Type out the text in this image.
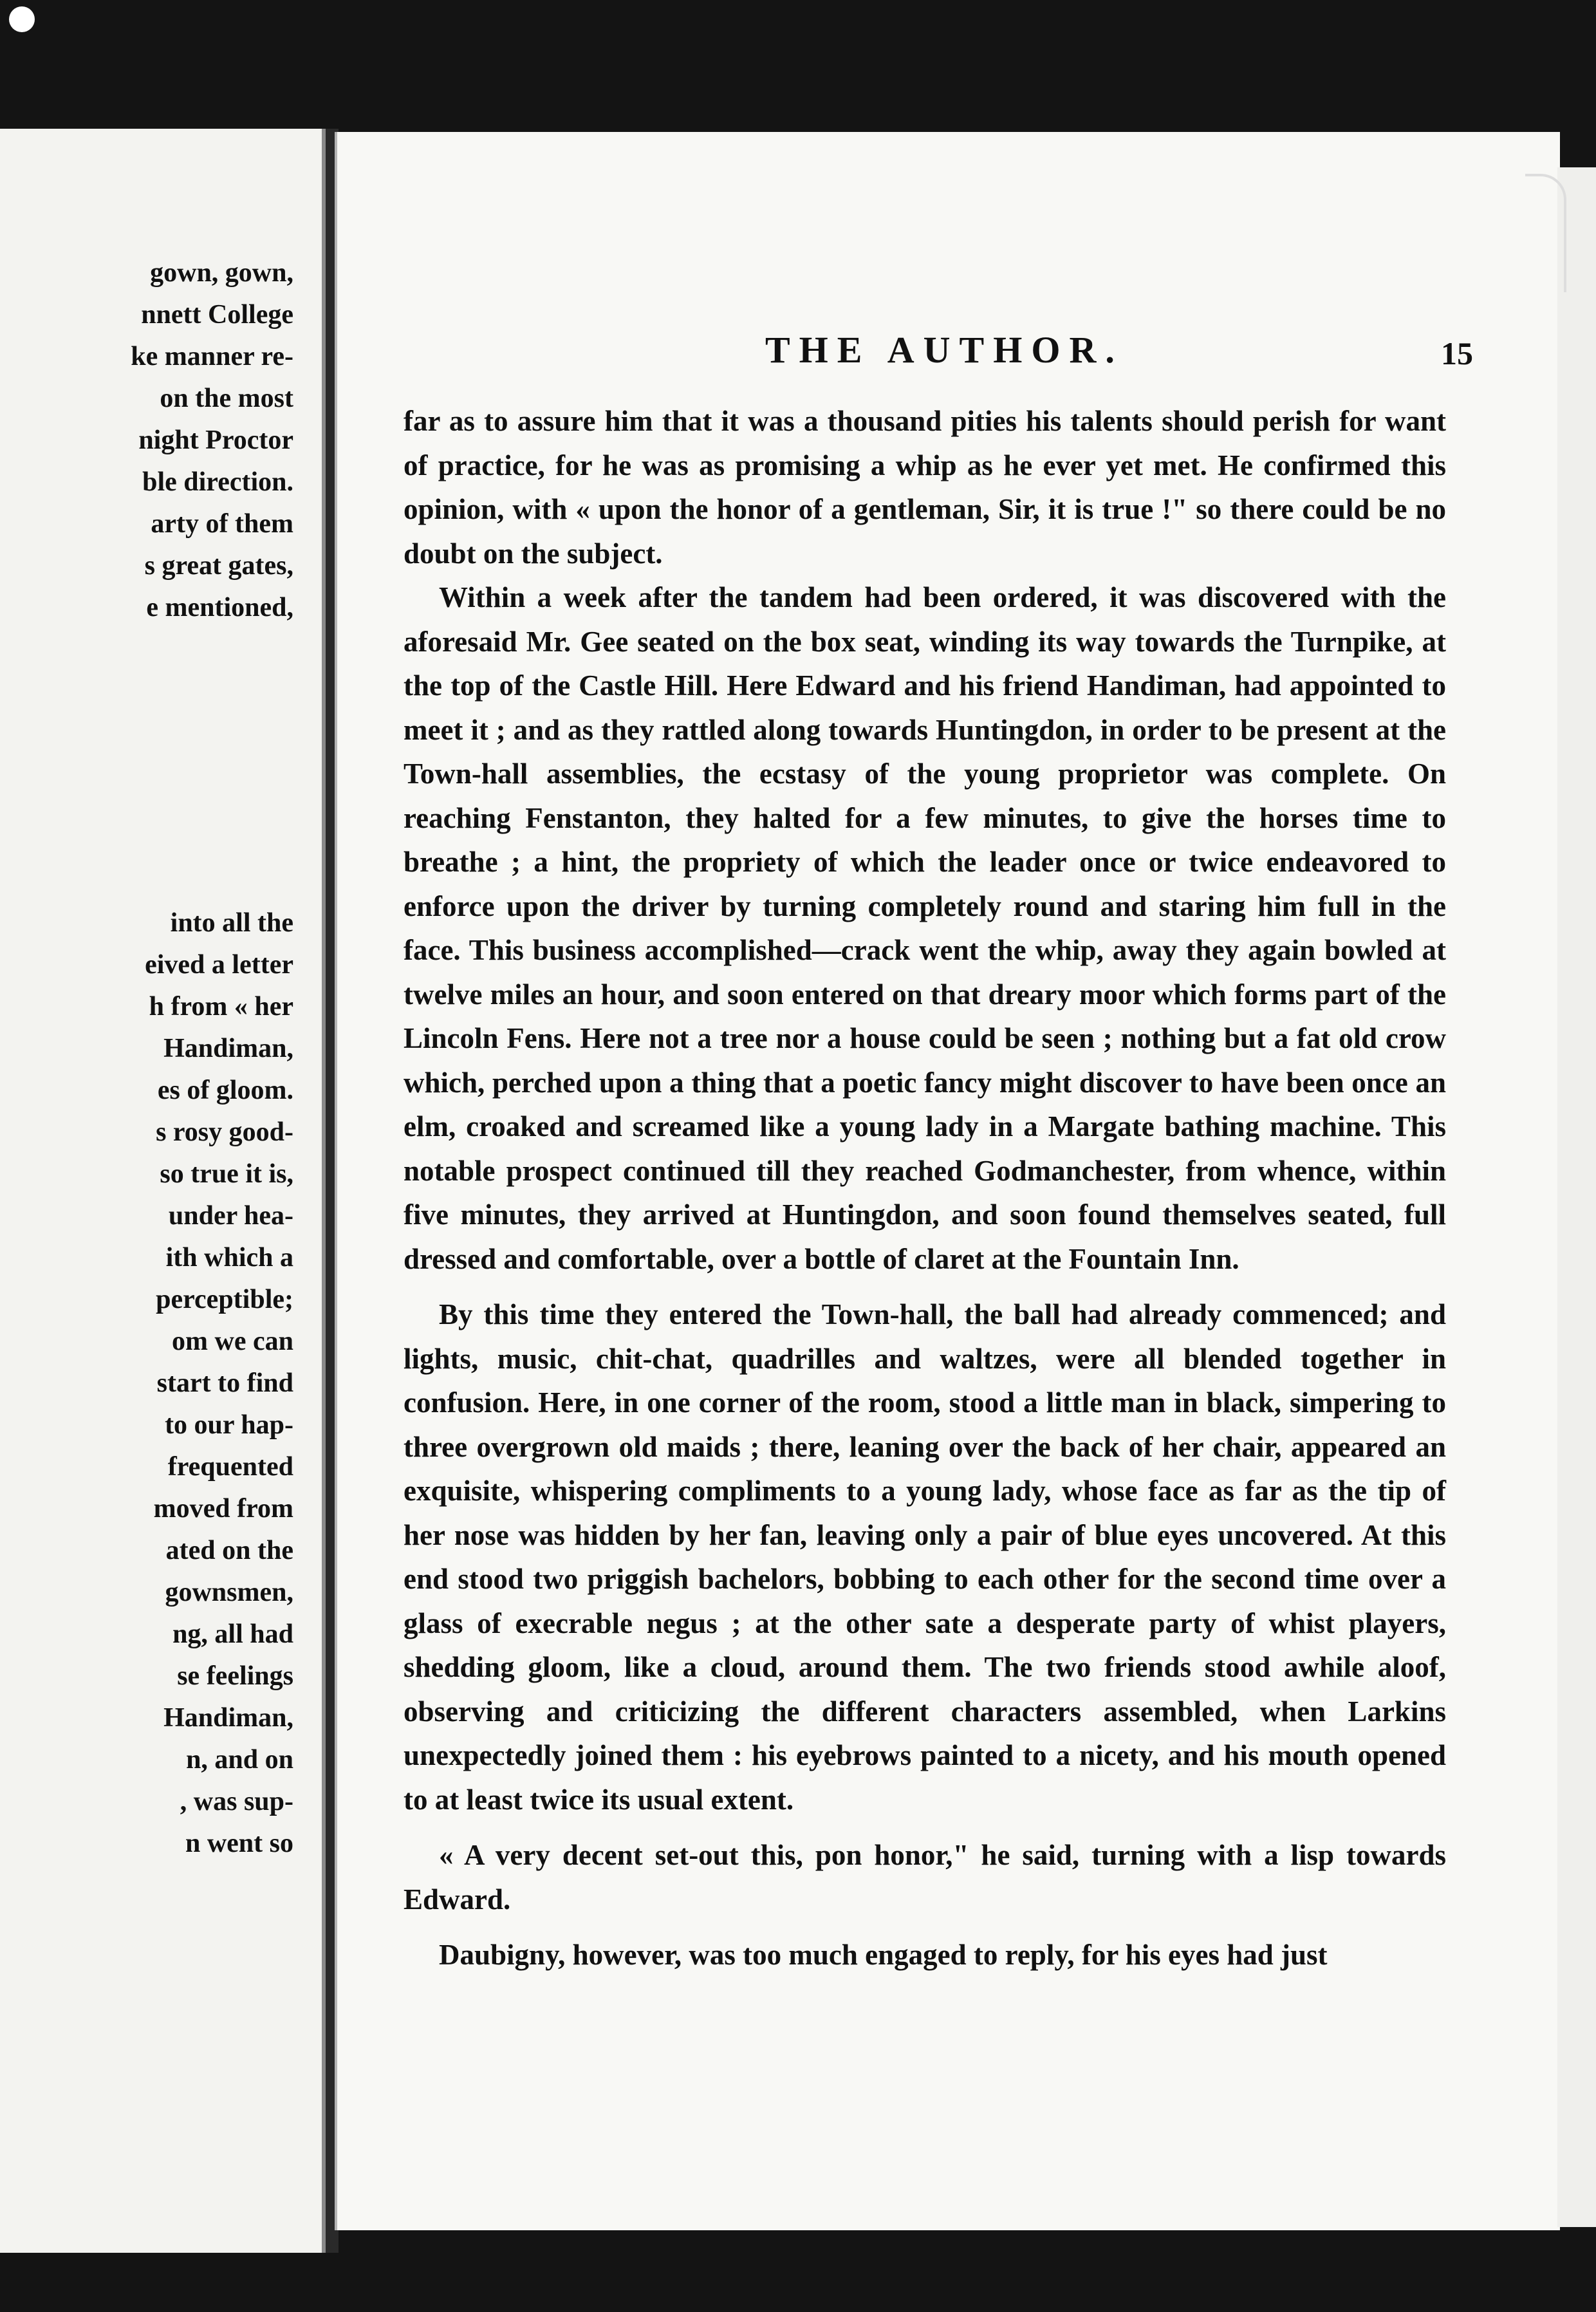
gown, gown,
nnett College
ke manner re-
on the most
night Proctor
ble direction.
arty of them
s great gates,
e mentioned,
into all the
eived a letter
h from « her
Handiman,
es of gloom.
s rosy good-
so true it is,
under hea-
ith which a
perceptible;
om we can
start to find
to our hap-
frequented
moved from
ated on the
gownsmen,
ng, all had
se feelings
Handiman,
n, and on
, was sup-
n went so
THE AUTHOR.	15

far as to assure him that it was a thousand pities his talents should perish for want of practice, for he was as promising a whip as he ever yet met. He confirmed this opinion, with « upon the honor of a gentleman, Sir, it is true !" so there could be no doubt on the subject.

Within a week after the tandem had been ordered, it was discovered with the aforesaid Mr. Gee seated on the box seat, winding its way towards the Turnpike, at the top of the Castle Hill. Here Edward and his friend Handiman, had appointed to meet it ; and as they rattled along towards Huntingdon, in order to be present at the Town-hall assemblies, the ecstasy of the young proprietor was complete. On reaching Fenstanton, they halted for a few minutes, to give the horses time to breathe ; a hint, the propriety of which the leader once or twice endeavored to enforce upon the driver by turning completely round and staring him full in the face. This business accomplished—crack went the whip, away they again bowled at twelve miles an hour, and soon entered on that dreary moor which forms part of the Lincoln Fens. Here not a tree nor a house could be seen ; nothing but a fat old crow which, perched upon a thing that a poetic fancy might discover to have been once an elm, croaked and screamed like a young lady in a Margate bathing machine. This notable prospect continued till they reached Godmanchester, from whence, within five minutes, they arrived at Huntingdon, and soon found themselves seated, full dressed and comfortable, over a bottle of claret at the Fountain Inn.

By this time they entered the Town-hall, the ball had already commenced; and lights, music, chit-chat, quadrilles and waltzes, were all blended together in confusion. Here, in one corner of the room, stood a little man in black, simpering to three overgrown old maids ; there, leaning over the back of her chair, appeared an exquisite, whispering compliments to a young lady, whose face as far as the tip of her nose was hidden by her fan, leaving only a pair of blue eyes uncovered. At this end stood two priggish bachelors, bobbing to each other for the second time over a glass of execrable negus ; at the other sate a desperate party of whist players, shedding gloom, like a cloud, around them. The two friends stood awhile aloof, observing and criticizing the different characters assembled, when Larkins unexpectedly joined them : his eyebrows painted to a nicety, and his mouth opened to at least twice its usual extent.

« A very decent set-out this, pon honor," he said, turning with a lisp towards Edward.

Daubigny, however, was too much engaged to reply, for his eyes had just
